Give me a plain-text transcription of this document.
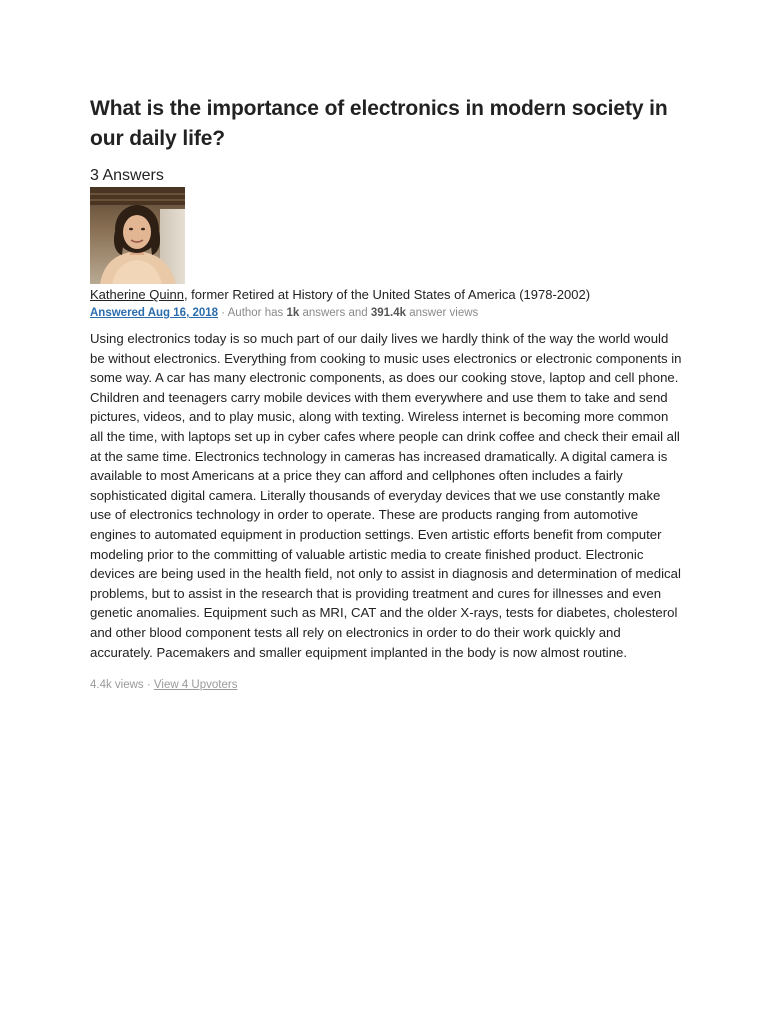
What is the importance of electronics in modern society in our daily life?
3 Answers
Katherine Quinn, former Retired at History of the United States of America (1978-2002)
Answered Aug 16, 2018 · Author has 1k answers and 391.4k answer views
Using electronics today is so much part of our daily lives we hardly think of the way the world would be without electronics. Everything from cooking to music uses electronics or electronic components in some way. A car has many electronic components, as does our cooking stove, laptop and cell phone. Children and teenagers carry mobile devices with them everywhere and use them to take and send pictures, videos, and to play music, along with texting. Wireless internet is becoming more common all the time, with laptops set up in cyber cafes where people can drink coffee and check their email all at the same time. Electronics technology in cameras has increased dramatically. A digital camera is available to most Americans at a price they can afford and cellphones often includes a fairly sophisticated digital camera. Literally thousands of everyday devices that we use constantly make use of electronics technology in order to operate. These are products ranging from automotive engines to automated equipment in production settings. Even artistic efforts benefit from computer modeling prior to the committing of valuable artistic media to create finished product. Electronic devices are being used in the health field, not only to assist in diagnosis and determination of medical problems, but to assist in the research that is providing treatment and cures for illnesses and even genetic anomalies. Equipment such as MRI, CAT and the older X-rays, tests for diabetes, cholesterol and other blood component tests all rely on electronics in order to do their work quickly and accurately. Pacemakers and smaller equipment implanted in the body is now almost routine.
4.4k views · View 4 Upvoters
